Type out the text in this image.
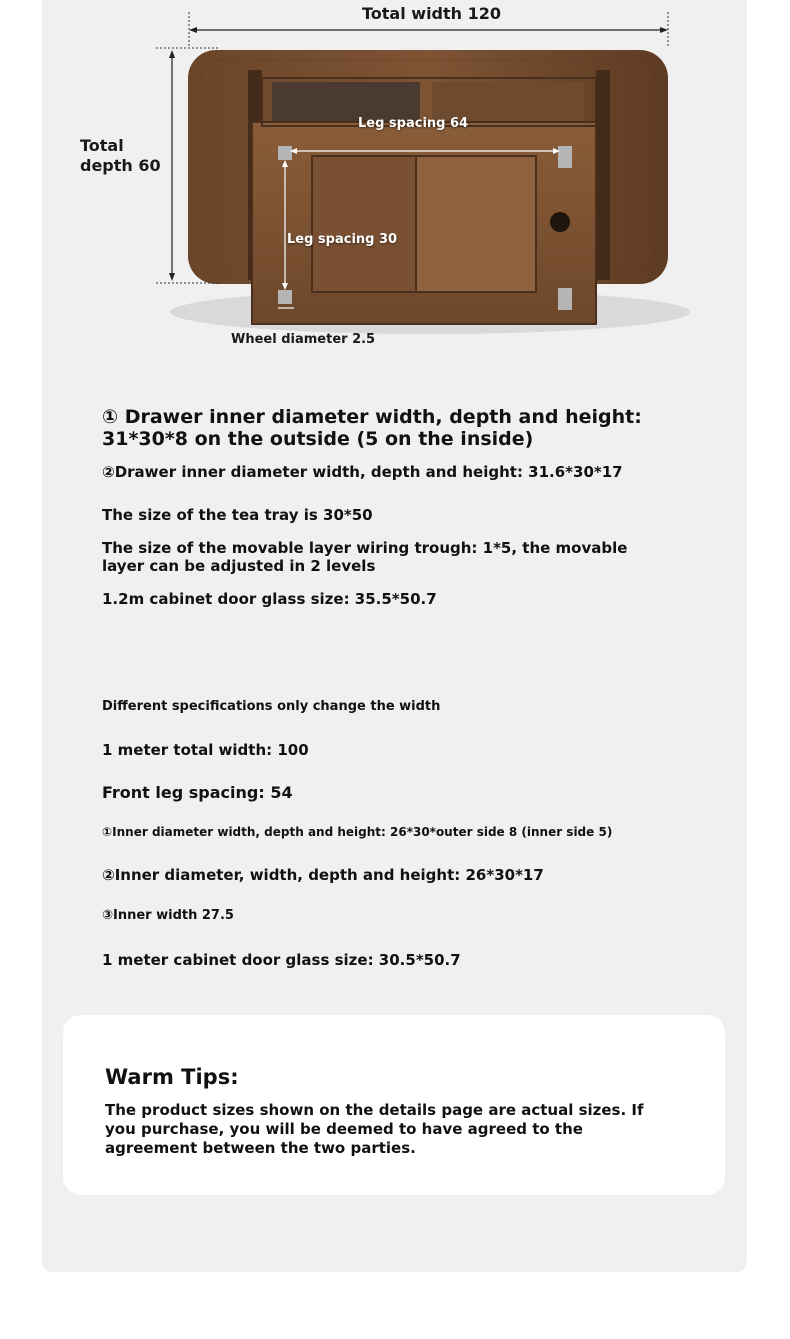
Total width 120
Total
depth 60
Leg spacing 64
Leg spacing 30
Wheel diameter 2.5
① Drawer inner diameter width, depth and height: 31*30*8 on the outside (5 on the inside)
②Drawer inner diameter width, depth and height: 31.6*30*17
The size of the tea tray is 30*50
The size of the movable layer wiring trough: 1*5, the movable layer can be adjusted in 2 levels
1.2m cabinet door glass size: 35.5*50.7
Different specifications only change the width
1 meter total width: 100
Front leg spacing: 54
①Inner diameter width, depth and height: 26*30*outer side 8 (inner side 5)
②Inner diameter, width, depth and height: 26*30*17
③Inner width 27.5
1 meter cabinet door glass size: 30.5*50.7
Warm Tips:
The product sizes shown on the details page are actual sizes. If you purchase, you will be deemed to have agreed to the agreement between the two parties.
